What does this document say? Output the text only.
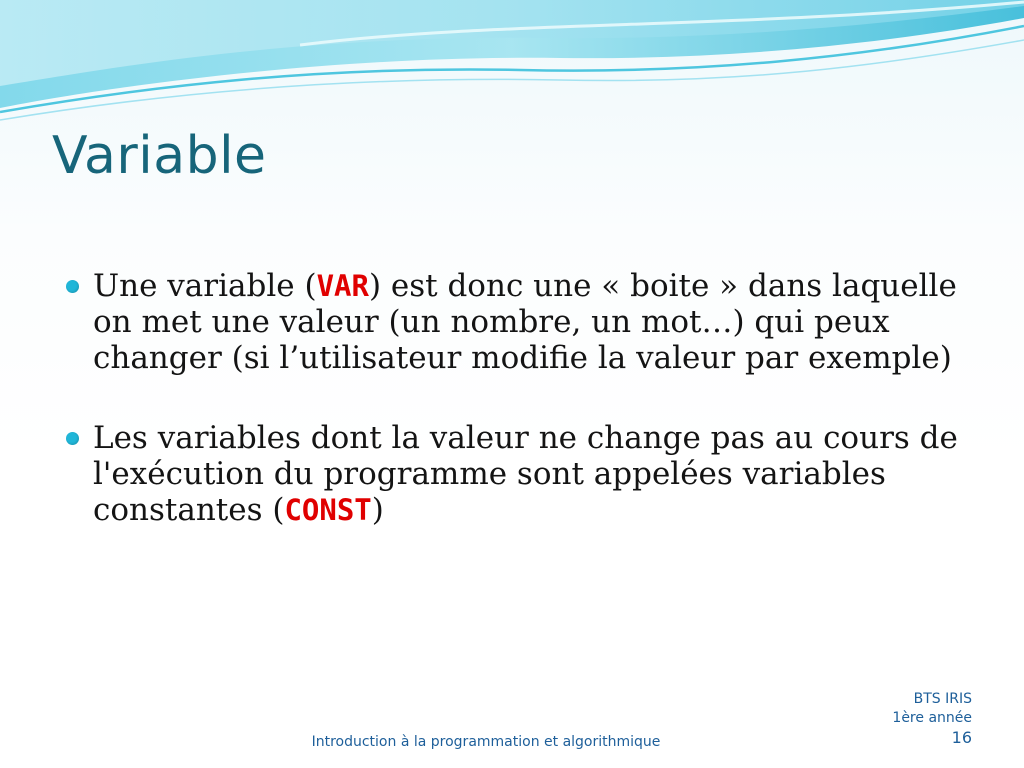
Variable
Une variable (VAR) est donc une « boite » dans laquelle on met une valeur (un nombre, un mot…) qui peux changer (si l’utilisateur modifie la valeur par exemple)
Les variables dont la valeur ne change pas au cours de l'exécution du programme sont appelées variables constantes (CONST)
Introduction à la programmation et algorithmique
BTS IRIS
1ère année
16
